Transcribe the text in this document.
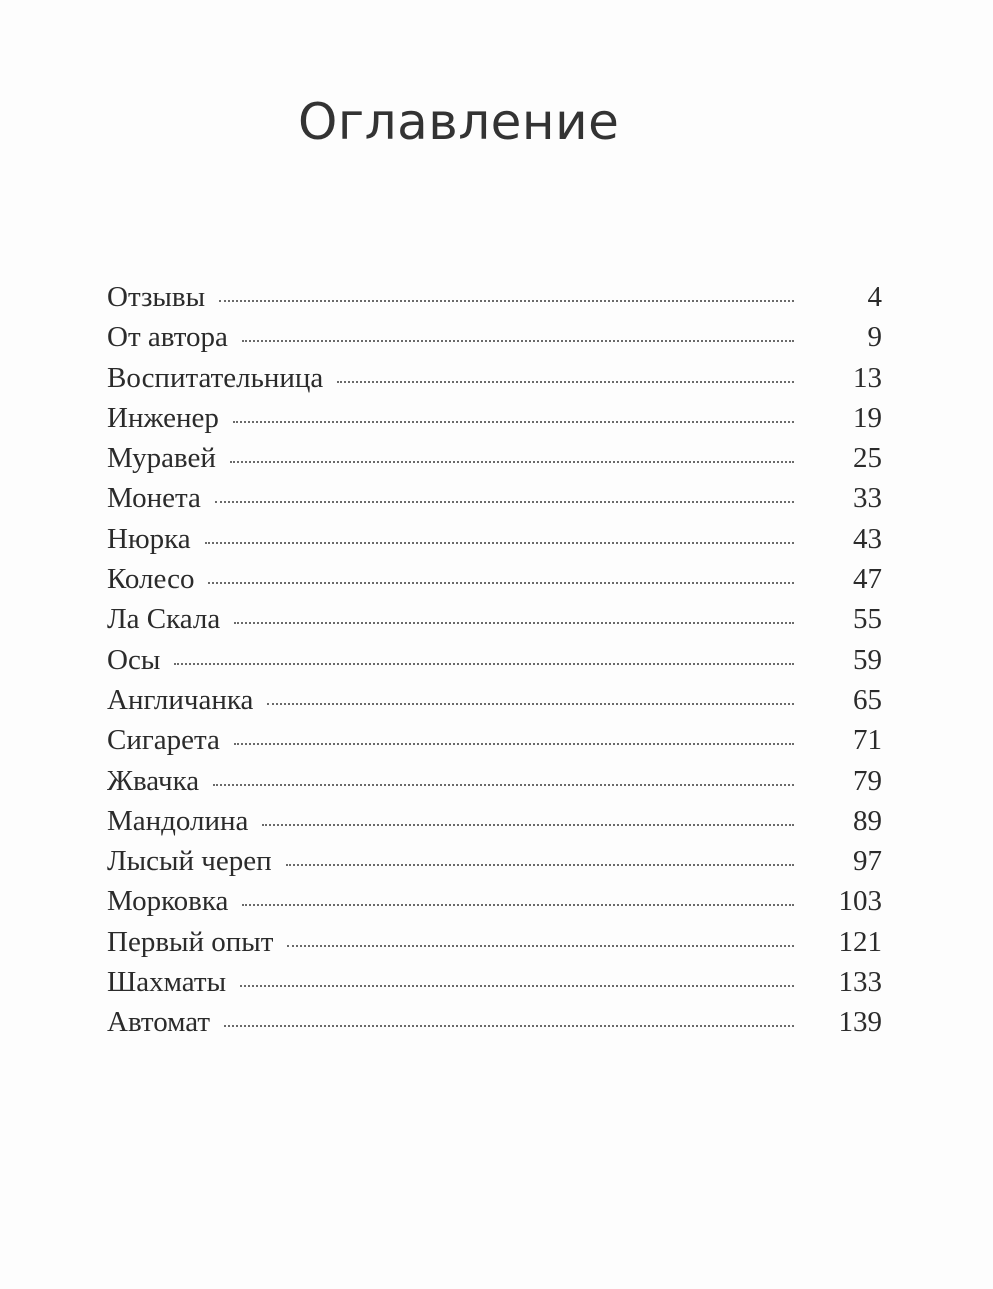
Оглавление
Отзывы	4
От автора	9
Воспитательница	13
Инженер	19
Муравей	25
Монета	33
Нюрка	43
Колесо	47
Ла Скала	55
Осы	59
Англичанка	65
Сигарета	71
Жвачка	79
Мандолина	89
Лысый череп	97
Морковка	103
Первый опыт	121
Шахматы	133
Автомат	139
